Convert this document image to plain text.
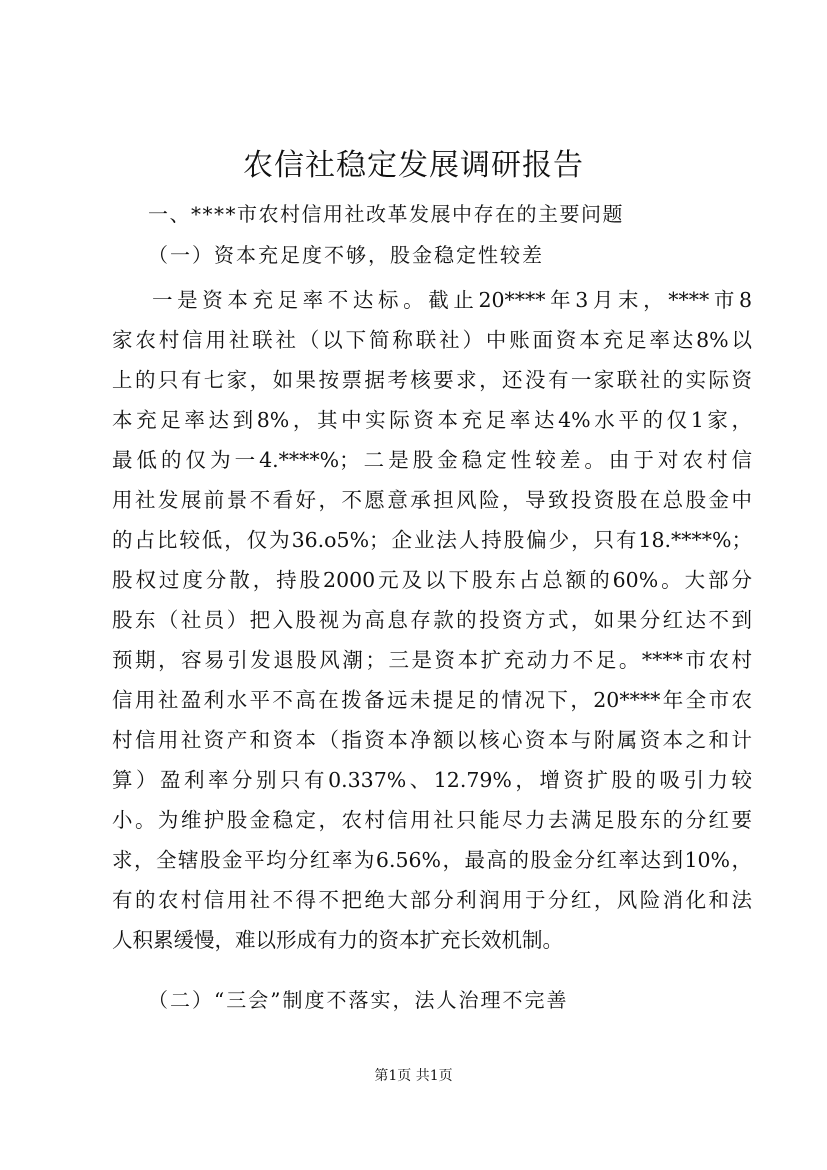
农信社稳定发展调研报告
一、****市农村信用社改革发展中存在的主要问题
（一）资本充足度不够，股金稳定性较差
一是资本充足率不达标。截止20****年3月末，****市8
家农村信用社联社（以下简称联社）中账面资本充足率达8%以
上的只有七家，如果按票据考核要求，还没有一家联社的实际资
本充足率达到8%，其中实际资本充足率达4%水平的仅1家，
最低的仅为一4.****%；二是股金稳定性较差。由于对农村信
用社发展前景不看好，不愿意承担风险，导致投资股在总股金中
的占比较低，仅为36.o5%；企业法人持股偏少，只有18.****%；
股权过度分散，持股2000元及以下股东占总额的60%。大部分
股东（社员）把入股视为高息存款的投资方式，如果分红达不到
预期，容易引发退股风潮；三是资本扩充动力不足。****市农村
信用社盈利水平不高在拨备远未提足的情况下，20****年全市农
村信用社资产和资本（指资本净额以核心资本与附属资本之和计
算）盈利率分别只有0.337%、12.79%，增资扩股的吸引力较
小。为维护股金稳定，农村信用社只能尽力去满足股东的分红要
求，全辖股金平均分红率为6.56%，最高的股金分红率达到10%，
有的农村信用社不得不把绝大部分利润用于分红，风险消化和法
人积累缓慢，难以形成有力的资本扩充长效机制。
（二）“三会”制度不落实，法人治理不完善
第1页 共1页
